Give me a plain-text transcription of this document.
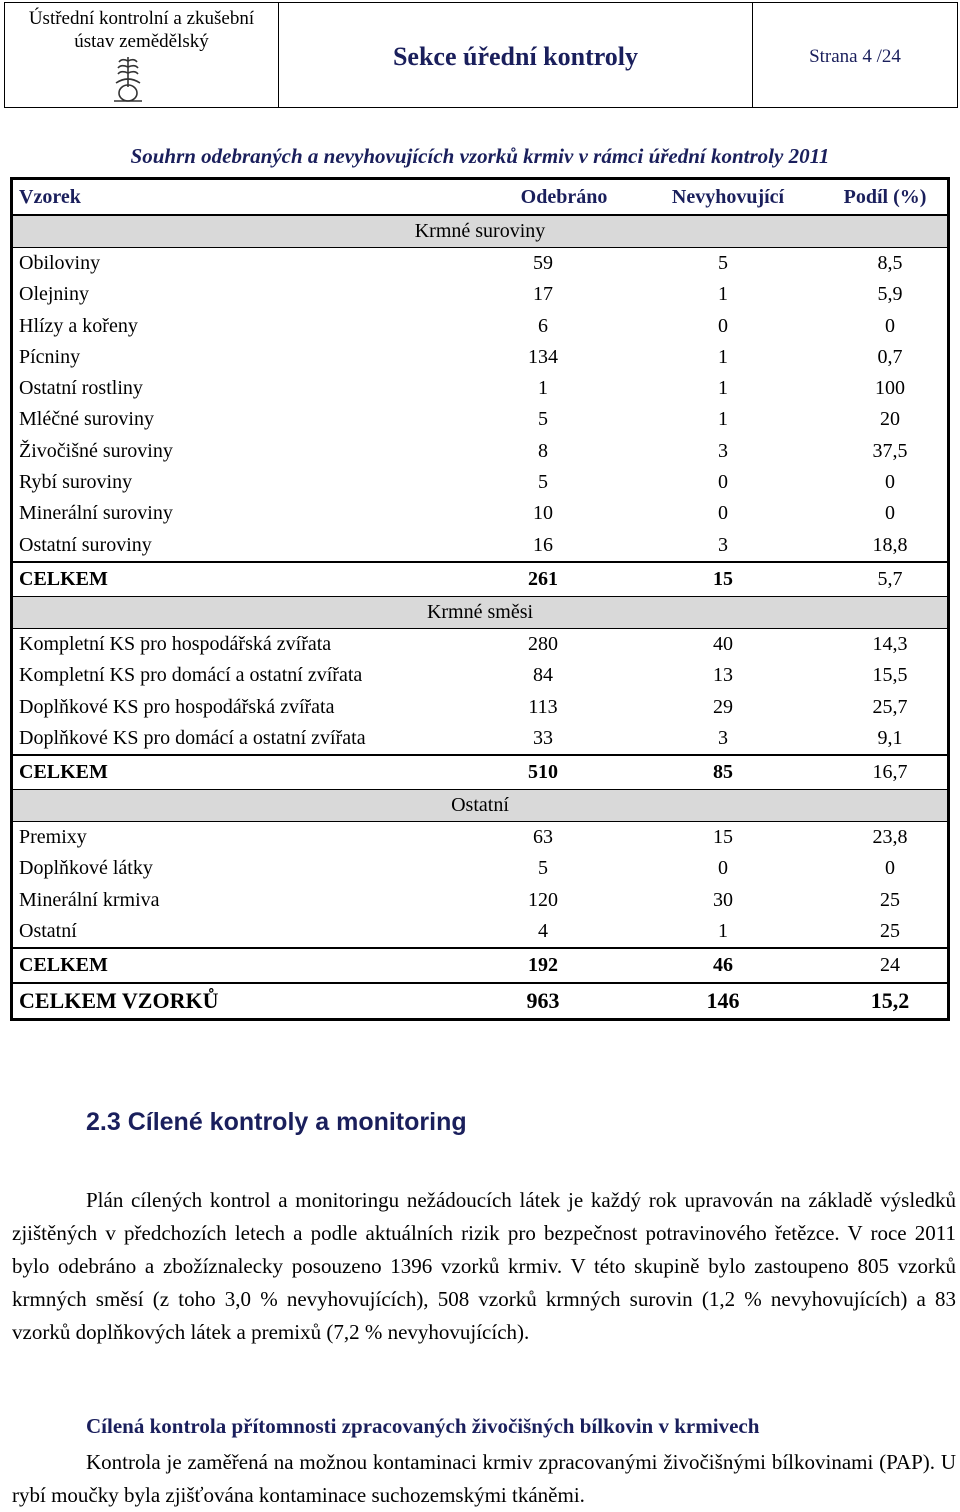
Ústřední kontrolní a zkušební
ústav zemědělský
Sekce úřední kontroly	Strana 4 /24
Souhrn odebraných a nevyhovujících vzorků krmiv v rámci úřední kontroly 2011
Vzorek	Odebráno	Nevyhovující	Podíl (%)
Krmné suroviny
Obiloviny	59	5	8,5
Olejniny	17	1	5,9
Hlízy a kořeny	6	0	0
Pícniny	134	1	0,7
Ostatní rostliny	1	1	100
Mléčné suroviny	5	1	20
Živočišné suroviny	8	3	37,5
Rybí suroviny	5	0	0
Minerální suroviny	10	0	0
Ostatní suroviny	16	3	18,8
CELKEM	261	15	5,7
Krmné směsi
Kompletní KS pro hospodářská zvířata	280	40	14,3
Kompletní KS pro domácí a ostatní zvířata	84	13	15,5
Doplňkové KS pro hospodářská zvířata	113	29	25,7
Doplňkové KS pro domácí a ostatní zvířata	33	3	9,1
CELKEM	510	85	16,7
Ostatní
Premixy	63	15	23,8
Doplňkové látky	5	0	0
Minerální krmiva	120	30	25
Ostatní	4	1	25
CELKEM	192	46	24
CELKEM VZORKŮ	963	146	15,2
2.3 Cílené kontroly a monitoring
Plán cílených kontrol a monitoringu nežádoucích látek je každý rok upravován na základě výsledků zjištěných v předchozích letech a podle aktuálních rizik pro bezpečnost potravinového řetězce. V roce 2011 bylo odebráno a zbožíznalecky posouzeno 1396 vzorků krmiv. V této skupině bylo zastoupeno 805 vzorků krmných směsí (z toho 3,0 % nevyhovujících), 508 vzorků krmných surovin (1,2 % nevyhovujících) a 83 vzorků doplňkových látek a premixů (7,2 % nevyhovujících).
Cílená kontrola přítomnosti zpracovaných živočišných bílkovin v krmivech
Kontrola je zaměřená na možnou kontaminaci krmiv zpracovanými živočišnými bílkovinami (PAP). U rybí moučky byla zjišťována kontaminace suchozemskými tkáněmi.
